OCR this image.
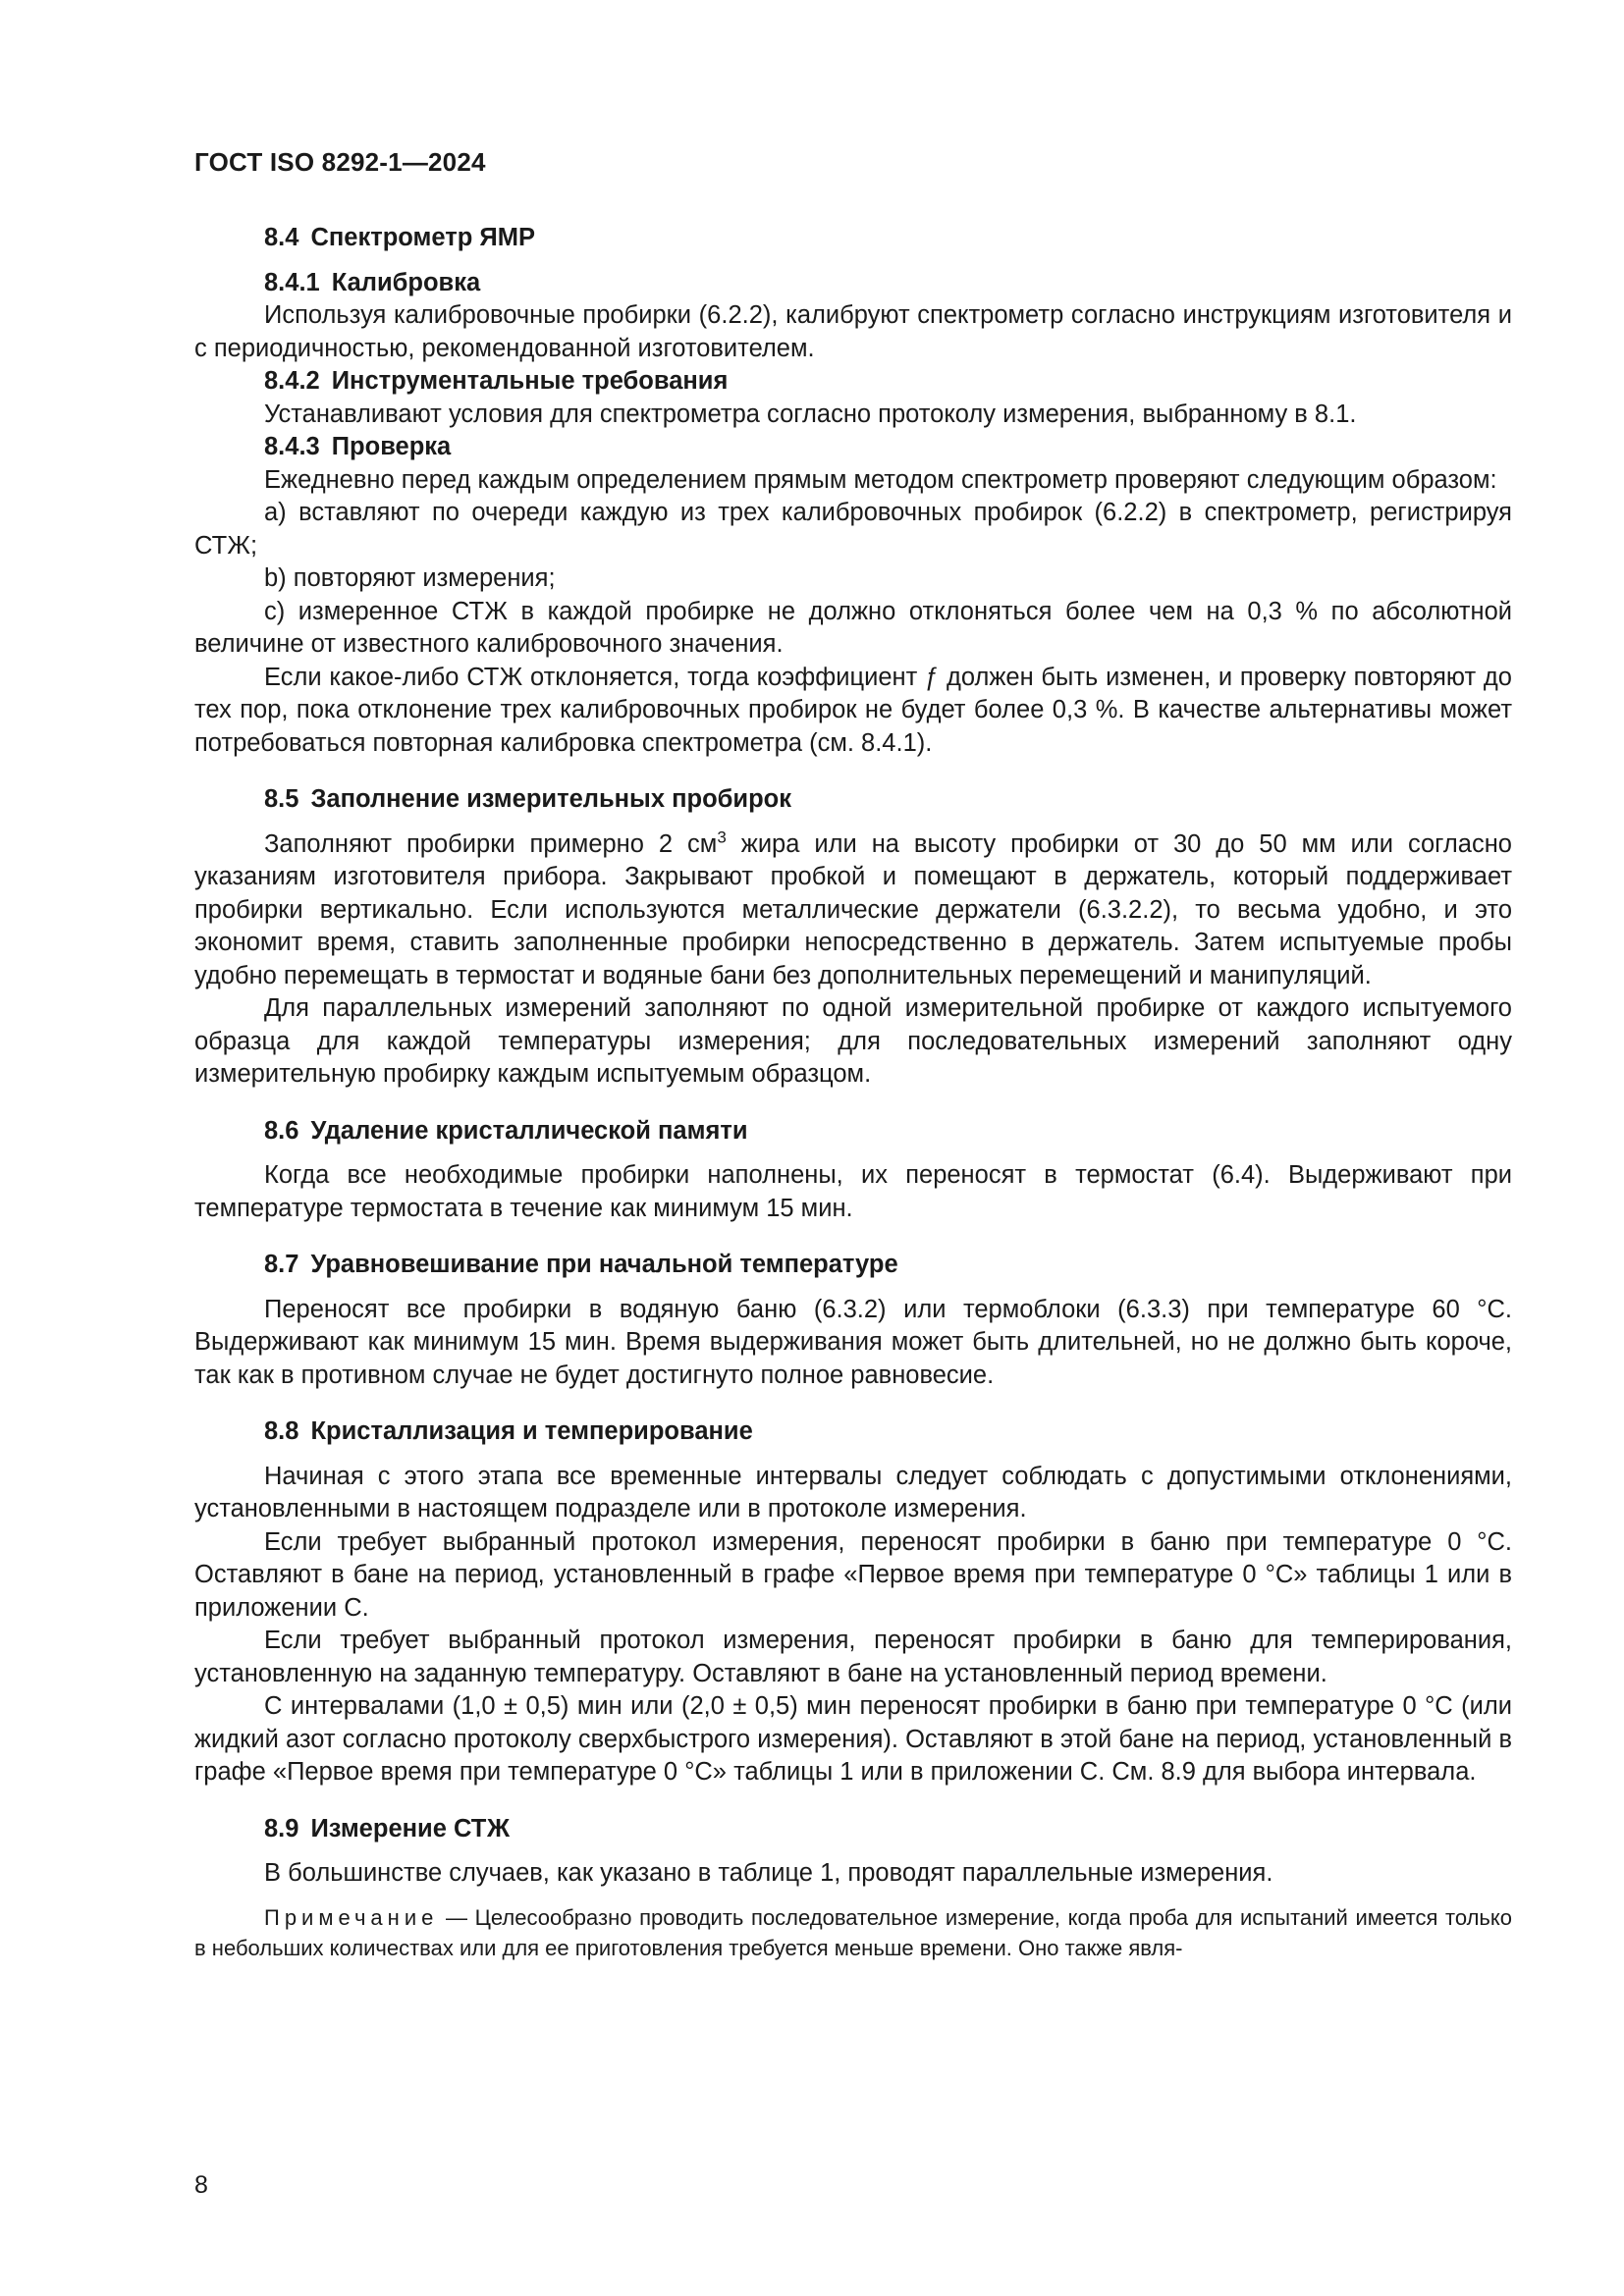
ГОСТ ISO 8292-1—2024

8.4 Спектрометр ЯМР

8.4.1 Калибровка

Используя калибровочные пробирки (6.2.2), калибруют спектрометр согласно инструкциям изготовителя и с периодичностью, рекомендованной изготовителем.

8.4.2 Инструментальные требования

Устанавливают условия для спектрометра согласно протоколу измерения, выбранному в 8.1.

8.4.3 Проверка

Ежедневно перед каждым определением прямым методом спектрометр проверяют следующим образом:

a) вставляют по очереди каждую из трех калибровочных пробирок (6.2.2) в спектрометр, регистрируя СТЖ;

b) повторяют измерения;

c) измеренное СТЖ в каждой пробирке не должно отклоняться более чем на 0,3 % по абсолютной величине от известного калибровочного значения.

Если какое-либо СТЖ отклоняется, тогда коэффициент ƒ должен быть изменен, и проверку повторяют до тех пор, пока отклонение трех калибровочных пробирок не будет более 0,3 %. В качестве альтернативы может потребоваться повторная калибровка спектрометра (см. 8.4.1).

8.5 Заполнение измерительных пробирок

Заполняют пробирки примерно 2 $см^3$ жира или на высоту пробирки от 30 до 50 мм или согласно указаниям изготовителя прибора. Закрывают пробкой и помещают в держатель, который поддерживает пробирки вертикально. Если используются металлические держатели (6.3.2.2), то весьма удобно, и это экономит время, ставить заполненные пробирки непосредственно в держатель. Затем испытуемые пробы удобно перемещать в термостат и водяные бани без дополнительных перемещений и манипуляций.

Для параллельных измерений заполняют по одной измерительной пробирке от каждого испытуемого образца для каждой температуры измерения; для последовательных измерений заполняют одну измерительную пробирку каждым испытуемым образцом.

8.6 Удаление кристаллической памяти

Когда все необходимые пробирки наполнены, их переносят в термостат (6.4). Выдерживают при температуре термостата в течение как минимум 15 мин.

8.7 Уравновешивание при начальной температуре

Переносят все пробирки в водяную баню (6.3.2) или термоблоки (6.3.3) при температуре 60 °С. Выдерживают как минимум 15 мин. Время выдерживания может быть длительней, но не должно быть короче, так как в противном случае не будет достигнуто полное равновесие.

8.8 Кристаллизация и темперирование

Начиная с этого этапа все временные интервалы следует соблюдать с допустимыми отклонениями, установленными в настоящем подразделе или в протоколе измерения.

Если требует выбранный протокол измерения, переносят пробирки в баню при температуре 0 °С. Оставляют в бане на период, установленный в графе «Первое время при температуре 0 °С» таблицы 1 или в приложении С.

Если требует выбранный протокол измерения, переносят пробирки в баню для темперирования, установленную на заданную температуру. Оставляют в бане на установленный период времени.

С интервалами (1,0 ± 0,5) мин или (2,0 ± 0,5) мин переносят пробирки в баню при температуре 0 °С (или жидкий азот согласно протоколу сверхбыстрого измерения). Оставляют в этой бане на период, установленный в графе «Первое время при температуре 0 °С» таблицы 1 или в приложении С. См. 8.9 для выбора интервала.

8.9 Измерение СТЖ

В большинстве случаев, как указано в таблице 1, проводят параллельные измерения.

Примечание — Целесообразно проводить последовательное измерение, когда проба для испытаний имеется только в небольших количествах или для ее приготовления требуется меньше времени. Оно также явля-

8
